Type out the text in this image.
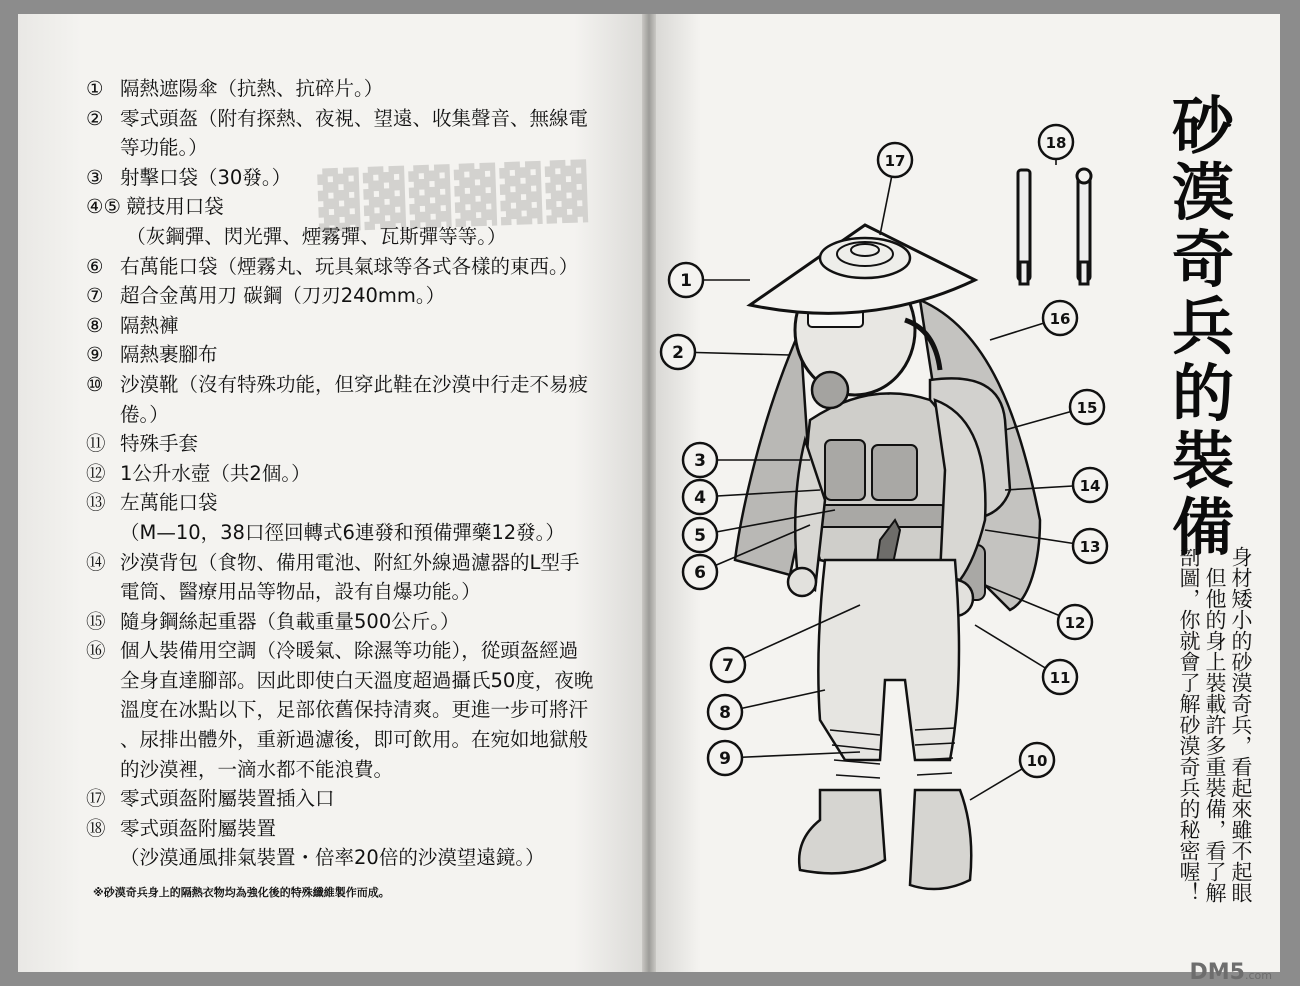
▓▓▓▓▓▓
① 隔熱遮陽傘（抗熱、抗碎片。）
② 零式頭盔（附有探熱、夜視、望遠、收集聲音、無線電
等功能。）
③ 射擊口袋（30發。）
④⑤ 競技用口袋
（灰鋼彈、閃光彈、煙霧彈、瓦斯彈等等。）
⑥ 右萬能口袋（煙霧丸、玩具氣球等各式各樣的東西。）
⑦ 超合金萬用刀 碳鋼（刀刃240mm。）
⑧ 隔熱褲
⑨ 隔熱裹腳布
⑩ 沙漠靴（沒有特殊功能，但穿此鞋在沙漠中行走不易疲
倦。）
⑪ 特殊手套
⑫ 1公升水壺（共2個。）
⑬ 左萬能口袋
（M—10，38口徑回轉式6連發和預備彈藥12發。）
⑭ 沙漠背包（食物、備用電池、附紅外線過濾器的L型手
電筒、醫療用品等物品，設有自爆功能。）
⑮ 隨身鋼絲起重器（負載重量500公斤。）
⑯ 個人裝備用空調（冷暖氣、除濕等功能），從頭盔經過
全身直達腳部。因此即使白天溫度超過攝氏50度，夜晚
溫度在冰點以下，足部依舊保持清爽。更進一步可將汗
、尿排出體外，重新過濾後，即可飲用。在宛如地獄般
的沙漠裡，一滴水都不能浪費。
⑰ 零式頭盔附屬裝置插入口
⑱ 零式頭盔附屬裝置
（沙漠通風排氣裝置・倍率20倍的沙漠望遠鏡。）
※砂漠奇兵身上的隔熱衣物均為強化後的特殊纖維製作而成。
1
2
3
4
5
6
7
8
9	10
11
12
13
14
15
16
17
18 砂漠奇兵的裝備
剖圖，你就會了解砂漠奇兵的秘密喔！ ，但他的身上裝載許多重裝備，看了解 身材矮小的砂漠奇兵，看起來雖不起眼
DM5.com
